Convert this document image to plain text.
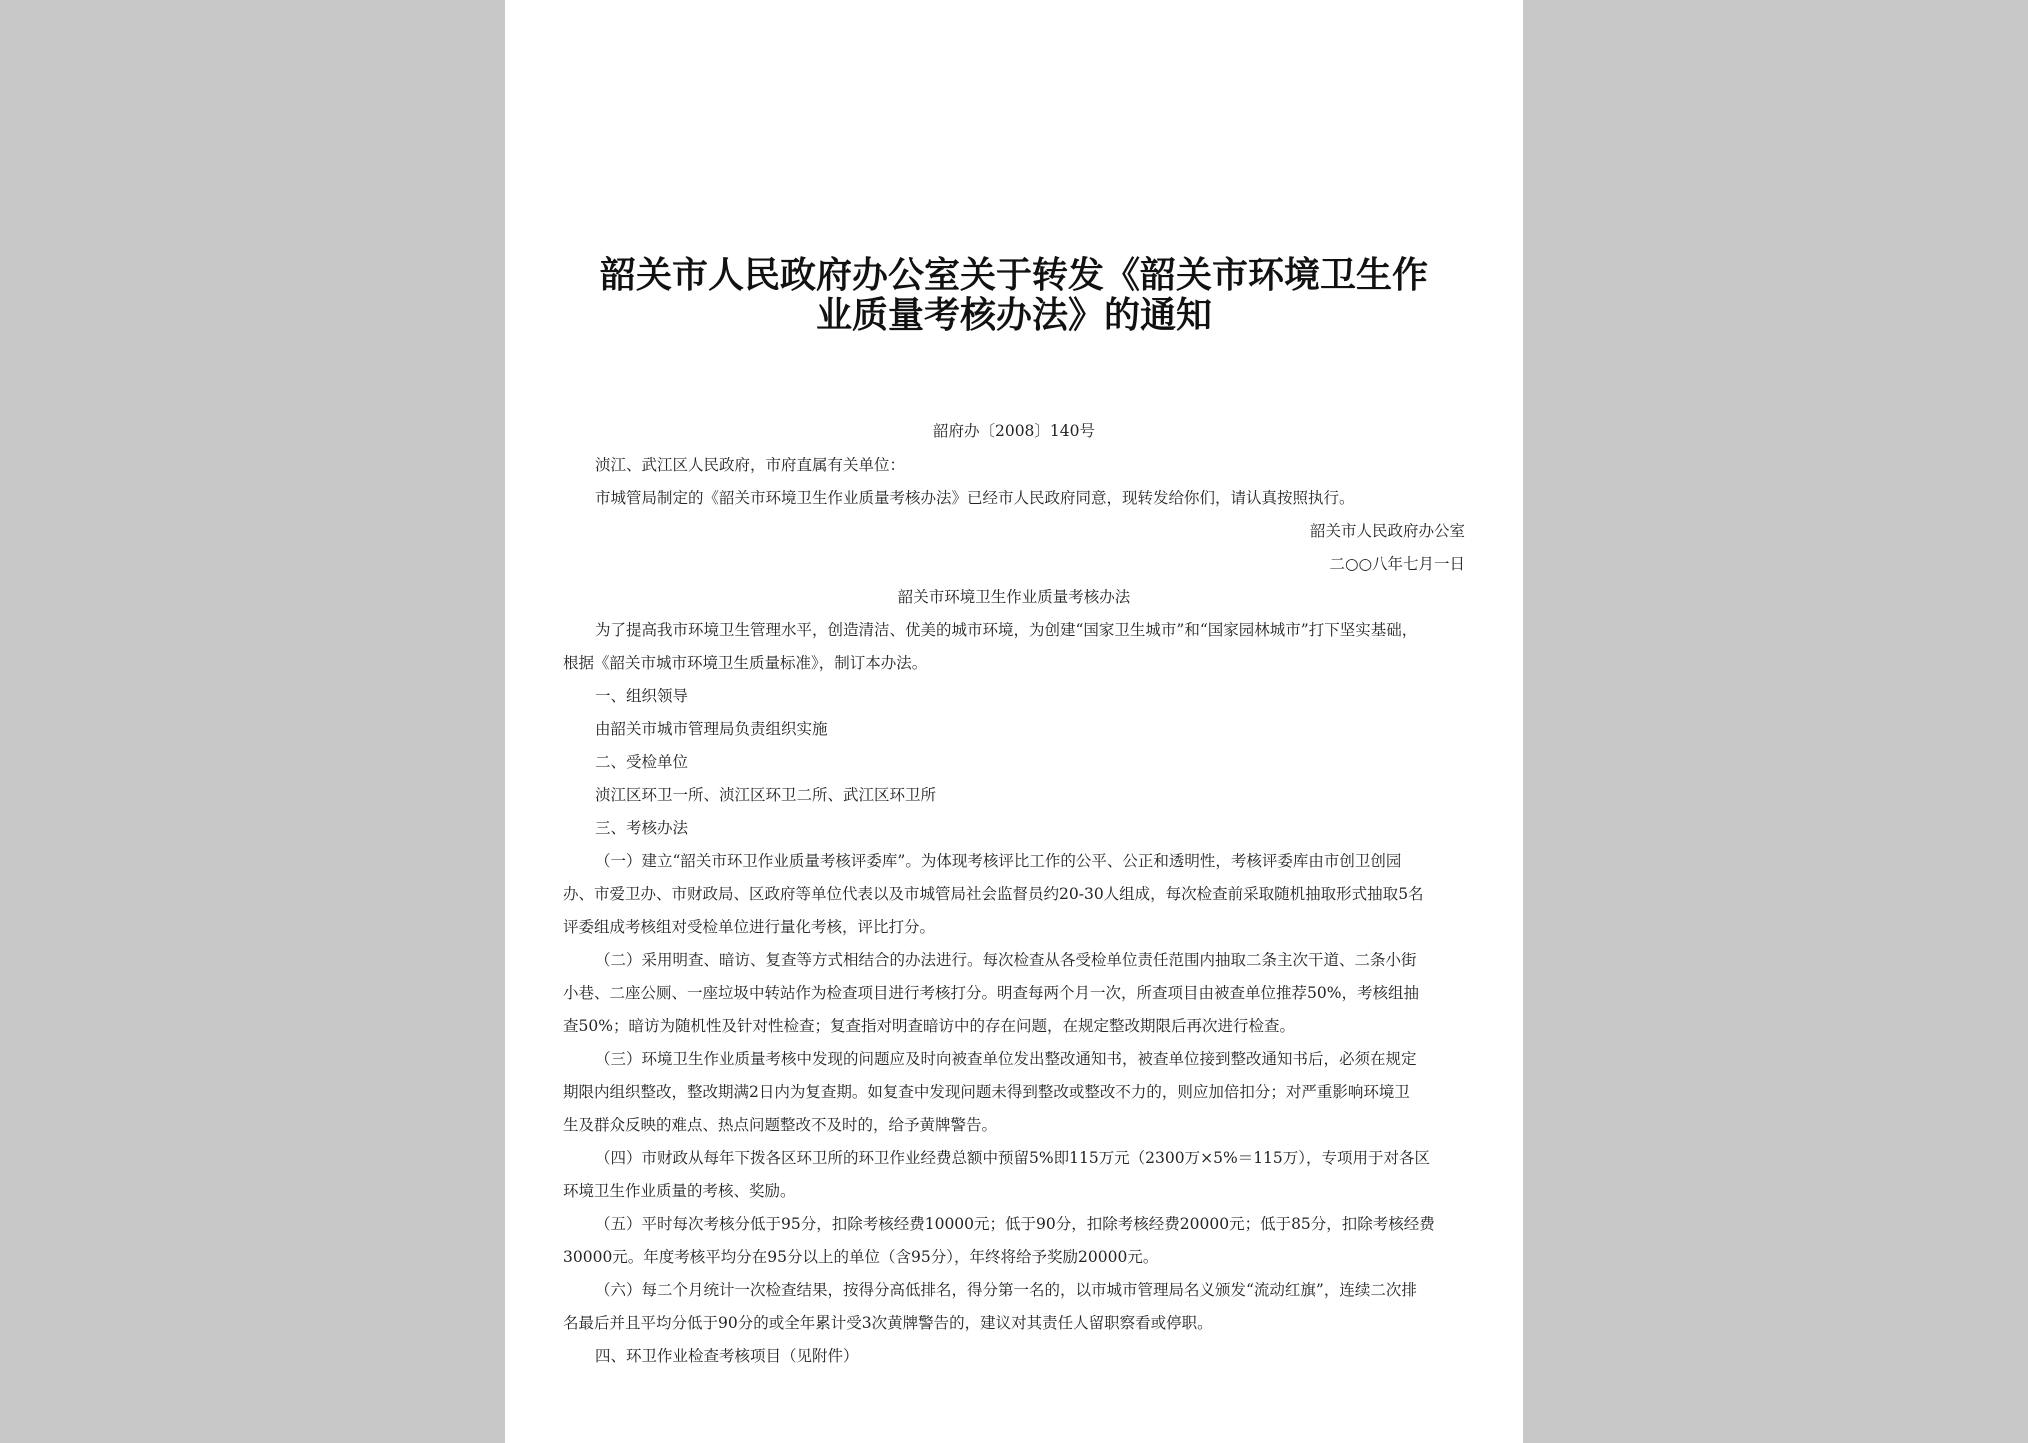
韶关市人民政府办公室关于转发《韶关市环境卫生作
业质量考核办法》的通知
韶府办〔2008〕140号
浈江、武江区人民政府，市府直属有关单位：
市城管局制定的《韶关市环境卫生作业质量考核办法》已经市人民政府同意，现转发给你们，请认真按照执行。
韶关市人民政府办公室
二○○八年七月一日
韶关市环境卫生作业质量考核办法
为了提高我市环境卫生管理水平，创造清洁、优美的城市环境，为创建“国家卫生城市”和“国家园林城市”打下坚实基础，
根据《韶关市城市环境卫生质量标准》，制订本办法。
一、组织领导
由韶关市城市管理局负责组织实施
二、受检单位
浈江区环卫一所、浈江区环卫二所、武江区环卫所
三、考核办法
（一）建立“韶关市环卫作业质量考核评委库”。为体现考核评比工作的公平、公正和透明性，考核评委库由市创卫创园
办、市爱卫办、市财政局、区政府等单位代表以及市城管局社会监督员约20-30人组成，每次检查前采取随机抽取形式抽取5名
评委组成考核组对受检单位进行量化考核，评比打分。
（二）采用明查、暗访、复查等方式相结合的办法进行。每次检查从各受检单位责任范围内抽取二条主次干道、二条小街
小巷、二座公厕、一座垃圾中转站作为检查项目进行考核打分。明查每两个月一次，所查项目由被查单位推荐50%，考核组抽
查50%；暗访为随机性及针对性检查；复查指对明查暗访中的存在问题，在规定整改期限后再次进行检查。
（三）环境卫生作业质量考核中发现的问题应及时向被查单位发出整改通知书，被查单位接到整改通知书后，必须在规定
期限内组织整改，整改期满2日内为复查期。如复查中发现问题未得到整改或整改不力的，则应加倍扣分；对严重影响环境卫
生及群众反映的难点、热点问题整改不及时的，给予黄牌警告。
（四）市财政从每年下拨各区环卫所的环卫作业经费总额中预留5%即115万元（2300万×5%＝115万），专项用于对各区
环境卫生作业质量的考核、奖励。
（五）平时每次考核分低于95分，扣除考核经费10000元；低于90分，扣除考核经费20000元；低于85分，扣除考核经费
30000元。年度考核平均分在95分以上的单位（含95分），年终将给予奖励20000元。
（六）每二个月统计一次检查结果，按得分高低排名，得分第一名的，以市城市管理局名义颁发“流动红旗”，连续二次排
名最后并且平均分低于90分的或全年累计受3次黄牌警告的，建议对其责任人留职察看或停职。
四、环卫作业检查考核项目（见附件）
